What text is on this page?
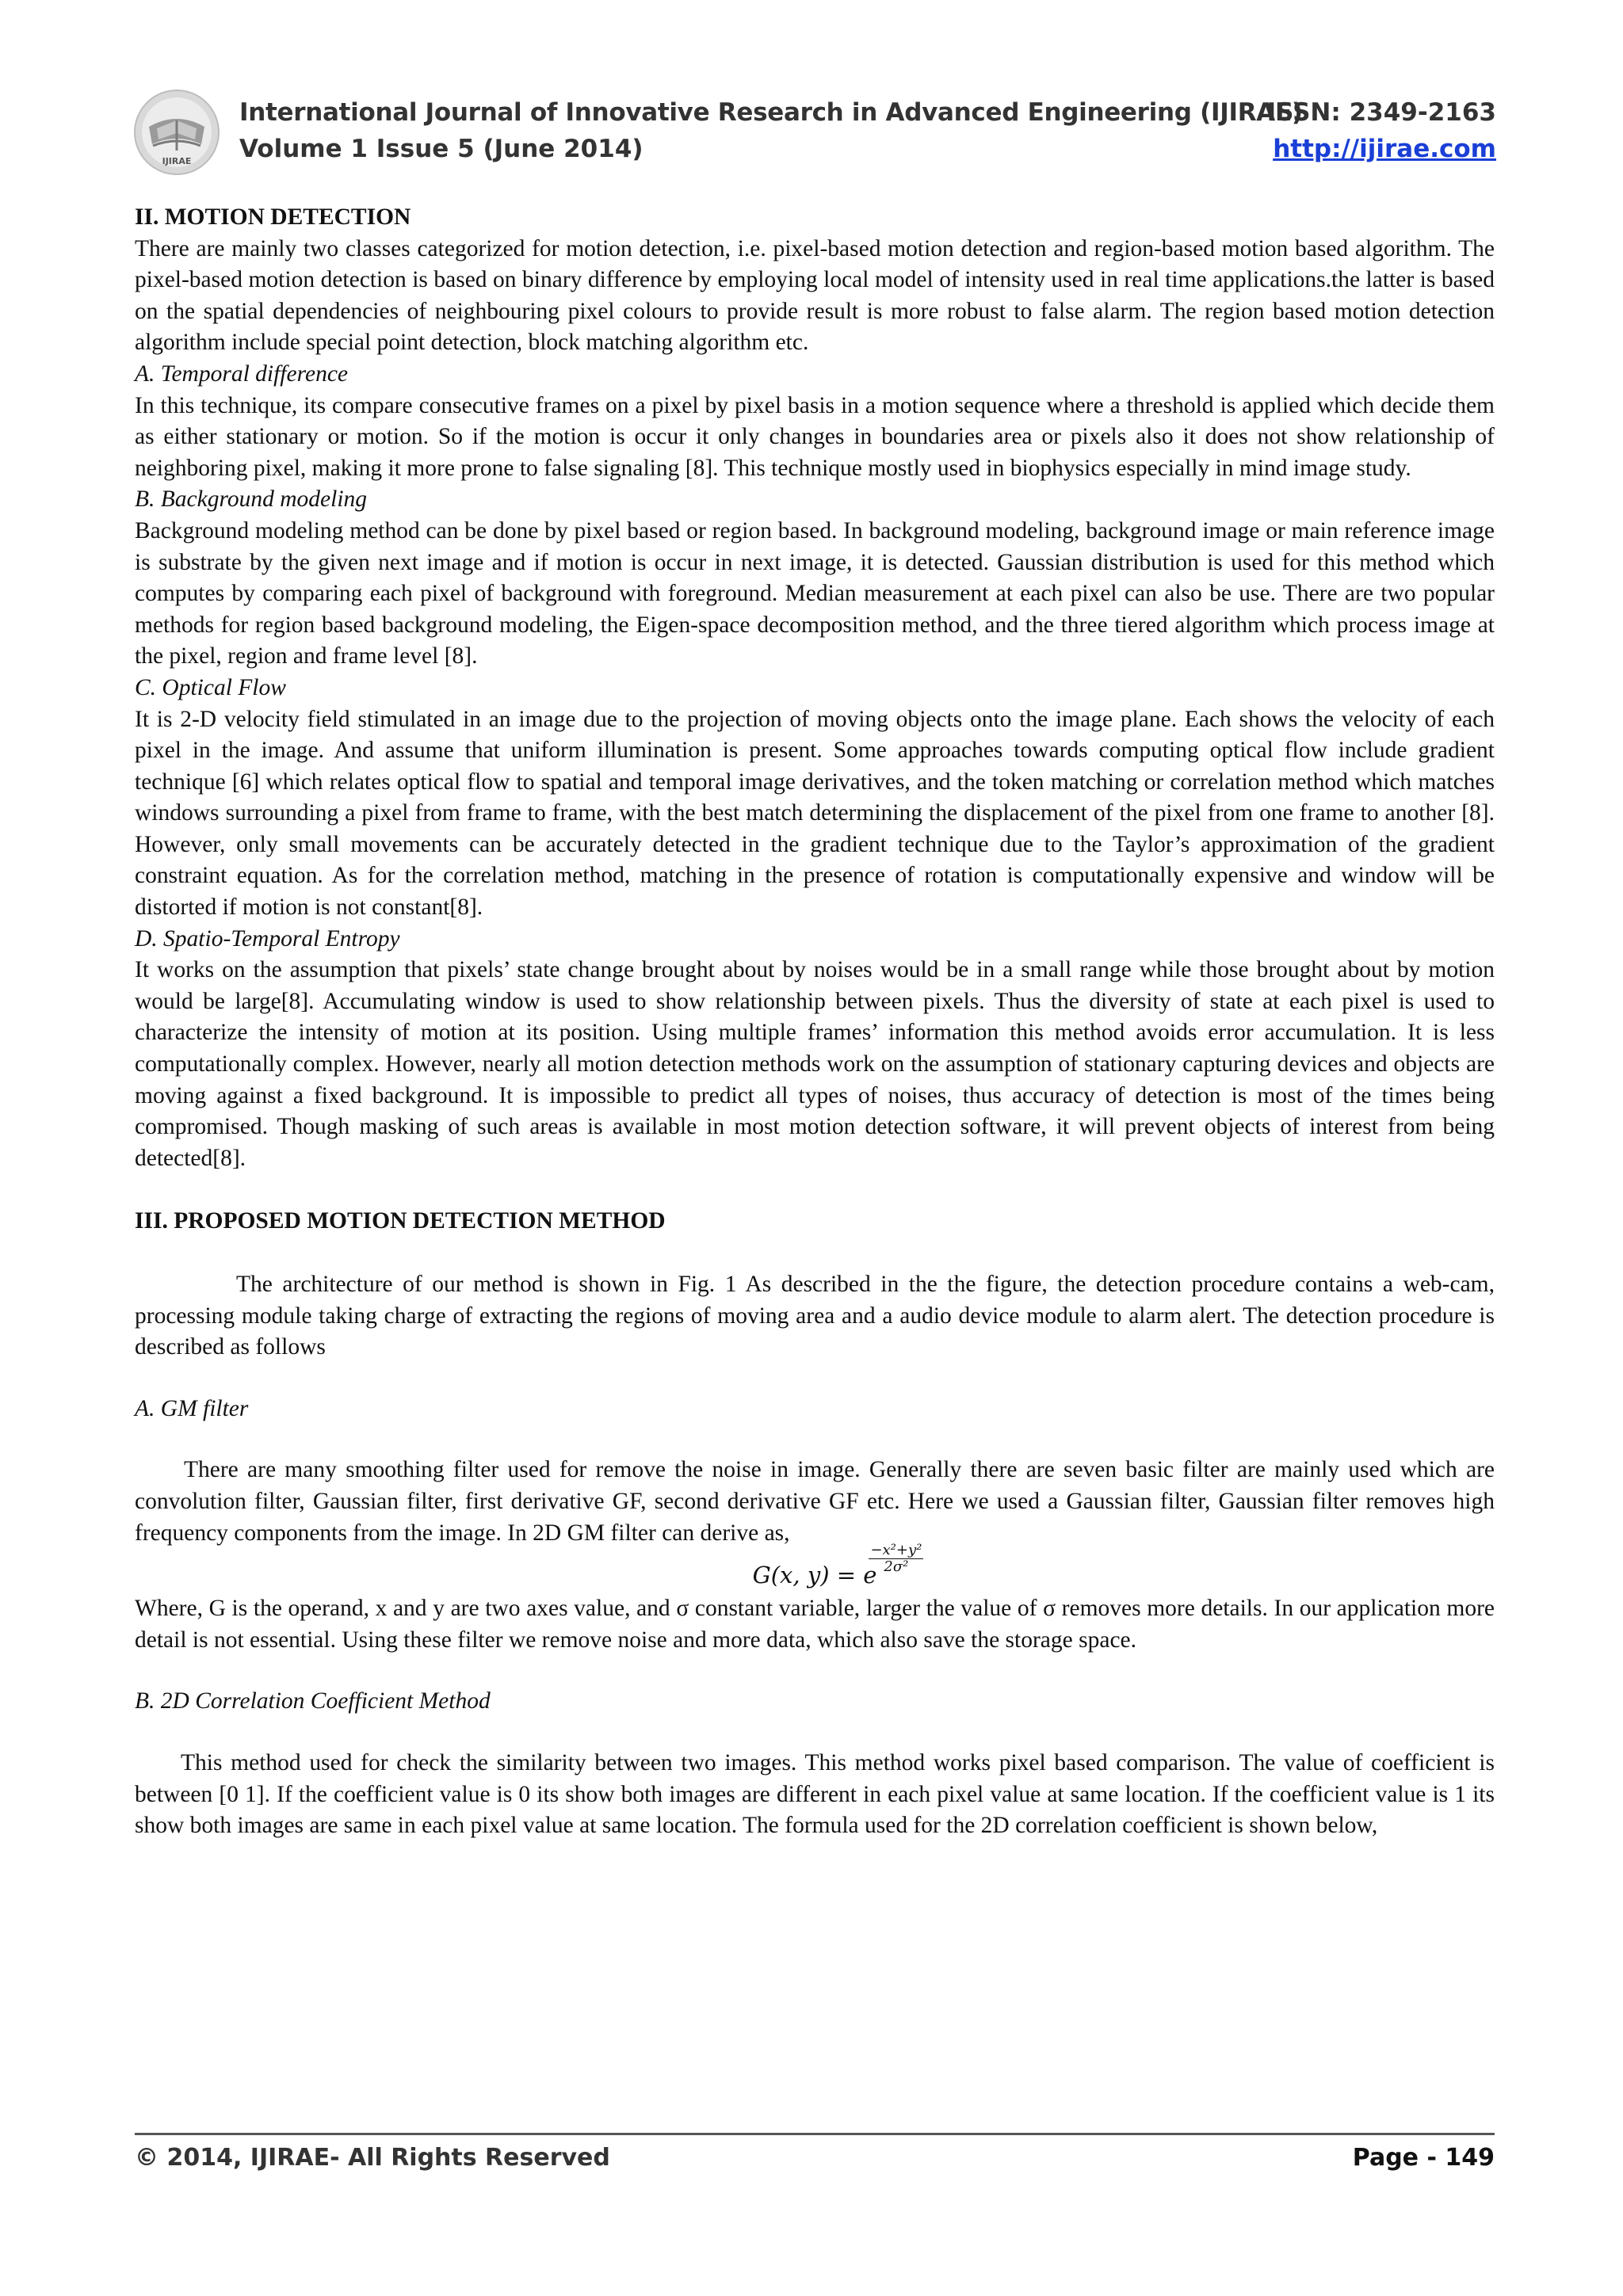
IJIRAE
International Journal of Innovative Research in Advanced Engineering (IJIRAE)
Volume 1 Issue 5 (June 2014)
ISSN: 2349-2163
http://ijirae.com

II. MOTION DETECTION

There are mainly two classes categorized for motion detection, i.e. pixel-based motion detection and region-based motion based algorithm. The pixel-based motion detection is based on binary difference by employing local model of intensity used in real time applications.the latter is based on the spatial dependencies of neighbouring pixel colours to provide result is more robust to false alarm. The region based motion detection algorithm include special point detection, block matching algorithm etc.

A. Temporal difference

In this technique, its compare consecutive frames on a pixel by pixel basis in a motion sequence where a threshold is applied which decide them as either stationary or motion. So if the motion is occur it only changes in boundaries area or pixels also it does not show relationship of neighboring pixel, making it more prone to false signaling [8]. This technique mostly used in biophysics especially in mind image study.

B. Background modeling

Background modeling method can be done by pixel based or region based. In background modeling, background image or main reference image is substrate by the given next image and if motion is occur in next image, it is detected. Gaussian distribution is used for this method which computes by comparing each pixel of background with foreground. Median measurement at each pixel can also be use. There are two popular methods for region based background modeling, the Eigen-space decomposition method, and the three tiered algorithm which process image at the pixel, region and frame level [8].

C. Optical Flow

It is 2-D velocity field stimulated in an image due to the projection of moving objects onto the image plane. Each shows the velocity of each pixel in the image. And assume that uniform illumination is present. Some approaches towards computing optical flow include gradient technique [6] which relates optical flow to spatial and temporal image derivatives, and the token matching or correlation method which matches windows surrounding a pixel from frame to frame, with the best match determining the displacement of the pixel from one frame to another [8]. However, only small movements can be accurately detected in the gradient technique due to the Taylor’s approximation of the gradient constraint equation. As for the correlation method, matching in the presence of rotation is computationally expensive and window will be distorted if motion is not constant[8].

D. Spatio-Temporal Entropy

It works on the assumption that pixels’ state change brought about by noises would be in a small range while those brought about by motion would be large[8]. Accumulating window is used to show relationship between pixels. Thus the diversity of state at each pixel is used to characterize the intensity of motion at its position. Using multiple frames’ information this method avoids error accumulation. It is less computationally complex. However, nearly all motion detection methods work on the assumption of stationary capturing devices and objects are moving against a fixed background. It is impossible to predict all types of noises, thus accuracy of detection is most of the times being compromised. Though masking of such areas is available in most motion detection software, it will prevent objects of interest from being detected[8].

III. PROPOSED MOTION DETECTION METHOD

The architecture of our method is shown in Fig. 1 As described in the the figure, the detection procedure contains a web-cam, processing module taking charge of extracting the regions of moving area and a audio device module to alarm alert. The detection procedure is described as follows

A. GM filter

There are many smoothing filter used for remove the noise in image. Generally there are seven basic filter are mainly used which are convolution filter, Gaussian filter, first derivative GF, second derivative GF etc. Here we used a Gaussian filter, Gaussian filter removes high frequency components from the image. In 2D GM filter can derive as,

G(x, y) = e
$\frac{\text{−x²+y²}}{\text{2σ²}}$

Where, G is the operand, x and y are two axes value, and σ constant variable, larger the value of σ removes more details. In our application more detail is not essential. Using these filter we remove noise and more data, which also save the storage space.

B. 2D Correlation Coefficient Method

This method used for check the similarity between two images. This method works pixel based comparison. The value of coefficient is between [0 1]. If the coefficient value is 0 its show both images are different in each pixel value at same location. If the coefficient value is 1 its show both images are same in each pixel value at same location. The formula used for the 2D correlation coefficient is shown below,

© 2014, IJIRAE- All Rights Reserved	Page - 149
